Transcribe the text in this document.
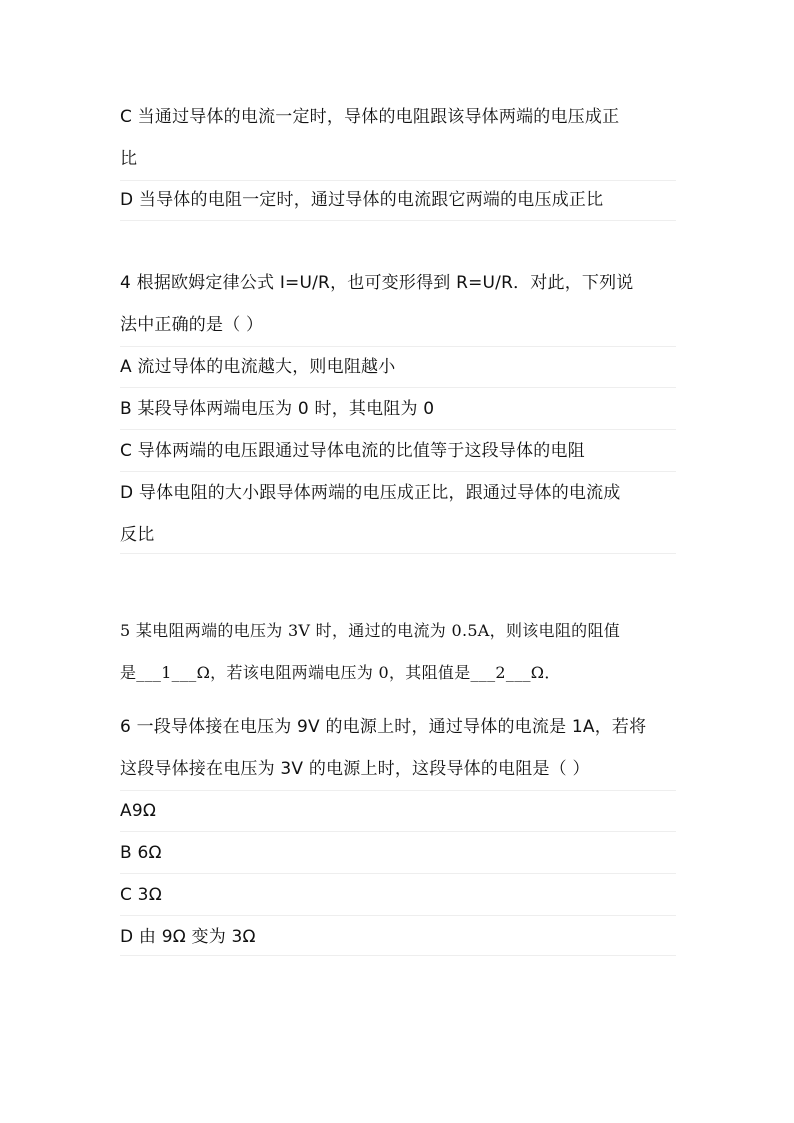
C 当通过导体的电流一定时，导体的电阻跟该导体两端的电压成正
比
D 当导体的电阻一定时，通过导体的电流跟它两端的电压成正比
4 根据欧姆定律公式 I=U/R，也可变形得到 R=U/R．对此，下列说
法中正确的是（ ）
A 流过导体的电流越大，则电阻越小
B 某段导体两端电压为 0 时，其电阻为 0
C 导体两端的电压跟通过导体电流的比值等于这段导体的电阻
D 导体电阻的大小跟导体两端的电压成正比，跟通过导体的电流成
反比
5 某电阻两端的电压为 3V 时，通过的电流为 0.5A，则该电阻的阻值
是___1___Ω，若该电阻两端电压为 0，其阻值是___2___Ω．
6 一段导体接在电压为 9V 的电源上时，通过导体的电流是 1A，若将
这段导体接在电压为 3V 的电源上时，这段导体的电阻是（ ）
A9Ω
B 6Ω
C 3Ω
D 由 9Ω 变为 3Ω
